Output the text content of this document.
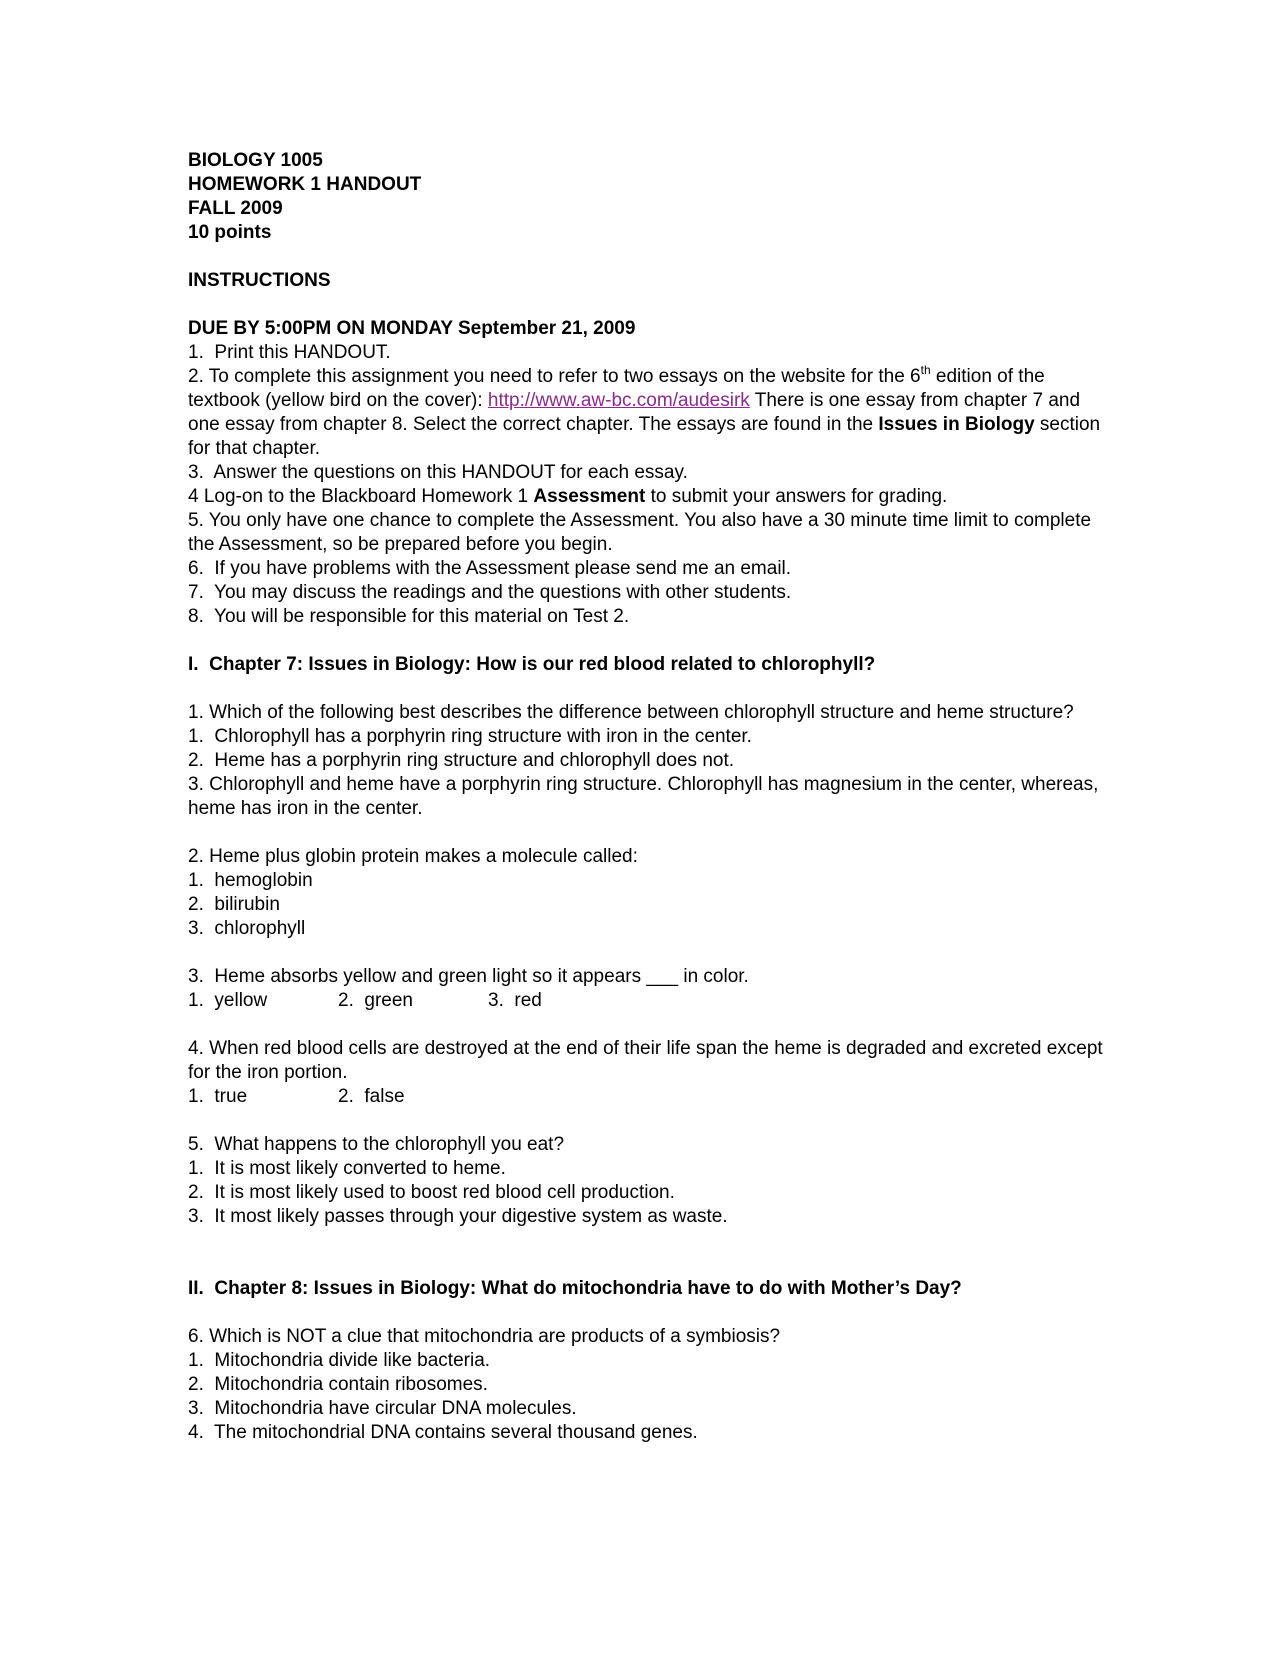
BIOLOGY 1005

HOMEWORK 1 HANDOUT

FALL 2009

10 points

INSTRUCTIONS

DUE BY 5:00PM ON MONDAY September 21, 2009

1.  Print this HANDOUT.

2. To complete this assignment you need to refer to two essays on the website for the 6th edition of the textbook (yellow bird on the cover): http://www.aw-bc.com/audesirk There is one essay from chapter 7 and one essay from chapter 8. Select the correct chapter. The essays are found in the Issues in Biology section for that chapter.

3.  Answer the questions on this HANDOUT for each essay.

4 Log-on to the Blackboard Homework 1 Assessment to submit your answers for grading.

5. You only have one chance to complete the Assessment. You also have a 30 minute time limit to complete the Assessment, so be prepared before you begin.

6.  If you have problems with the Assessment please send me an email.

7.  You may discuss the readings and the questions with other students.

8.  You will be responsible for this material on Test 2.

I.  Chapter 7: Issues in Biology: How is our red blood related to chlorophyll?

1. Which of the following best describes the difference between chlorophyll structure and heme structure?

1.  Chlorophyll has a porphyrin ring structure with iron in the center.

2.  Heme has a porphyrin ring structure and chlorophyll does not.

3. Chlorophyll and heme have a porphyrin ring structure. Chlorophyll has magnesium in the center, whereas, heme has iron in the center.

2. Heme plus globin protein makes a molecule called:

1.  hemoglobin

2.  bilirubin

3.  chlorophyll

3.  Heme absorbs yellow and green light so it appears ___ in color.

1.  yellow	2.  green	3.  red

4. When red blood cells are destroyed at the end of their life span the heme is degraded and excreted except for the iron portion.

1.  true	2.  false

5.  What happens to the chlorophyll you eat?

1.  It is most likely converted to heme.

2.  It is most likely used to boost red blood cell production.

3.  It most likely passes through your digestive system as waste.

II.  Chapter 8: Issues in Biology: What do mitochondria have to do with Mother’s Day?

6. Which is NOT a clue that mitochondria are products of a symbiosis?

1.  Mitochondria divide like bacteria.

2.  Mitochondria contain ribosomes.

3.  Mitochondria have circular DNA molecules.

4.  The mitochondrial DNA contains several thousand genes.
